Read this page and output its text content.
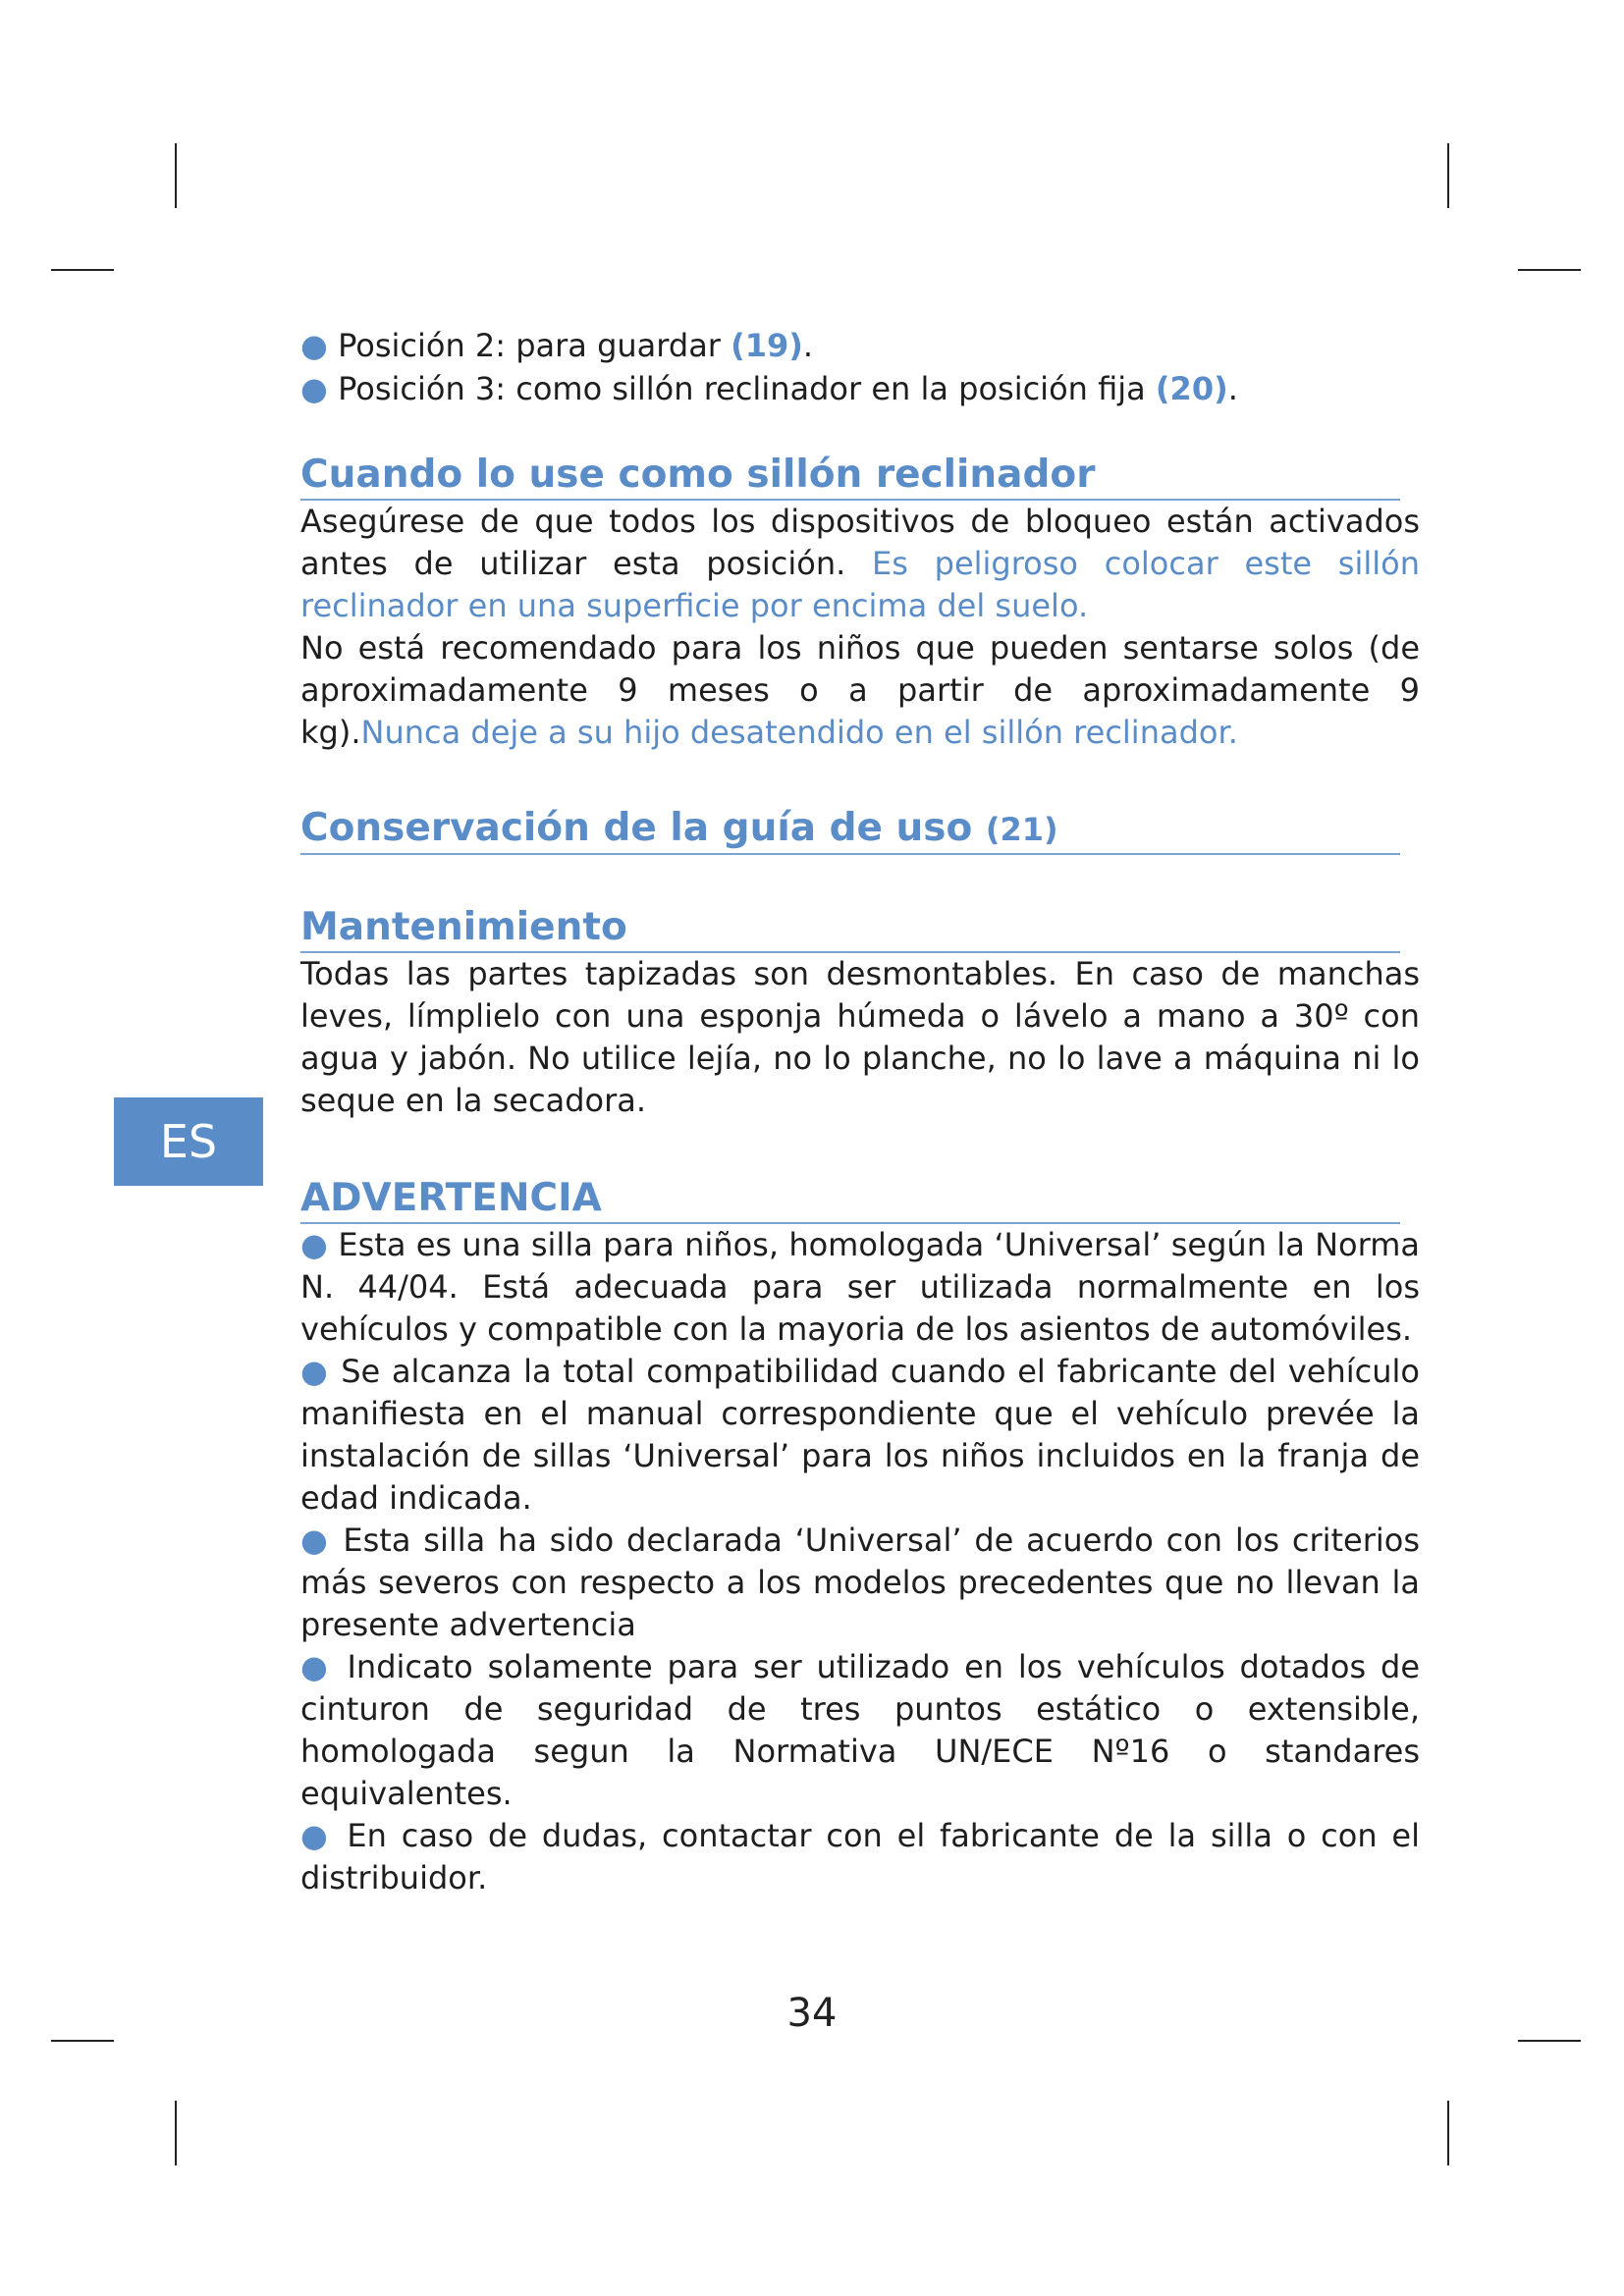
ES

● Posición 2: para guardar (19).

● Posición 3: como sillón reclinador en la posición fija (20).

Cuando lo use como sillón reclinador

Asegúrese de que todos los dispositivos de bloqueo están activados antes de utilizar esta posición. Es peligroso colocar este sillón reclinador en una superficie por encima del suelo.

No está recomendado para los niños que pueden sentarse solos (de aproximadamente 9 meses o a partir de aproximadamente 9 kg).Nunca deje a su hijo desatendido en el sillón reclinador.

Conservación de la guía de uso (21)
Mantenimiento

Todas las partes tapizadas son desmontables. En caso de manchas leves, límplielo con una esponja húmeda o lávelo a mano a 30º con agua y jabón. No utilice lejía, no lo planche, no lo lave a máquina ni lo seque en la secadora.

ADVERTENCIA

● Esta es una silla para niños, homologada ‘Universal’ según la Norma N. 44/04. Está adecuada para ser utilizada normalmente en los vehículos y compatible con la mayoria de los asientos de automóviles.

● Se alcanza la total compatibilidad cuando el fabricante del vehículo manifiesta en el manual correspondiente que el vehículo prevée la instalación de sillas ‘Universal’ para los niños incluidos en la franja de edad indicada.

● Esta silla ha sido declarada ‘Universal’ de acuerdo con los criterios más severos con respecto a los modelos precedentes que no llevan la presente advertencia

● Indicato solamente para ser utilizado en los vehículos dotados de cinturon de seguridad de tres puntos estático o extensible, homologada segun la Normativa UN/ECE Nº16 o standares equivalentes.

● En caso de dudas, contactar con el fabricante de la silla o con el distribuidor.

34
